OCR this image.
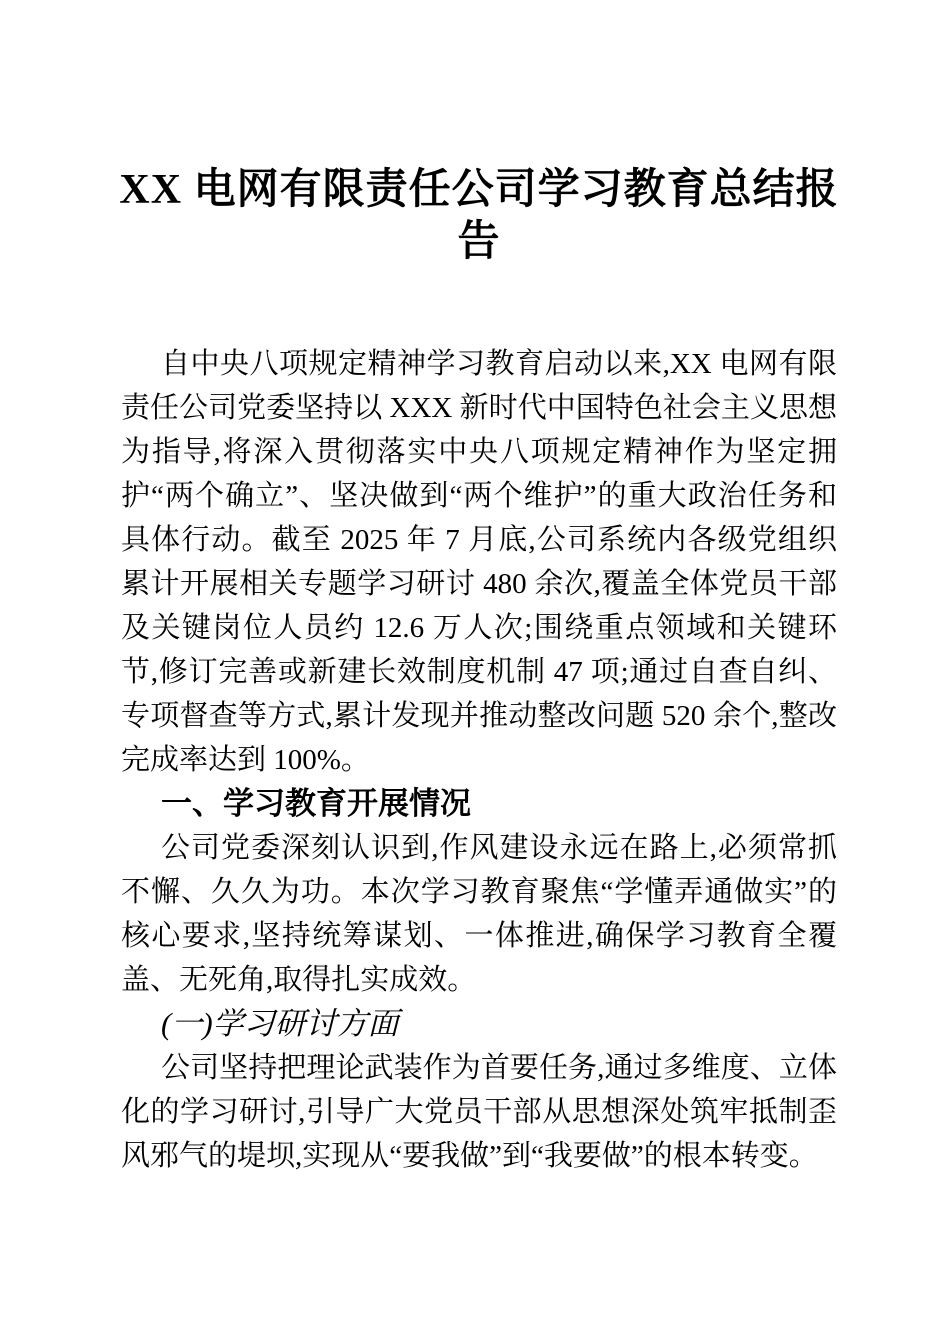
XX 电网有限责任公司学习教育总结报告

自中央八项规定精神学习教育启动以来,XX 电网有限责任公司党委坚持以 XXX 新时代中国特色社会主义思想为指导,将深入贯彻落实中央八项规定精神作为坚定拥护“两个确立”、坚决做到“两个维护”的重大政治任务和具体行动。截至 2025 年 7 月底,公司系统内各级党组织累计开展相关专题学习研讨 480 余次,覆盖全体党员干部及关键岗位人员约 12.6 万人次;围绕重点领域和关键环节,修订完善或新建长效制度机制 47 项;通过自查自纠、专项督查等方式,累计发现并推动整改问题 520 余个,整改完成率达到 100%。

一、学习教育开展情况

公司党委深刻认识到,作风建设永远在路上,必须常抓不懈、久久为功。本次学习教育聚焦“学懂弄通做实”的核心要求,坚持统筹谋划、一体推进,确保学习教育全覆盖、无死角,取得扎实成效。

(一)学习研讨方面

公司坚持把理论武装作为首要任务,通过多维度、立体化的学习研讨,引导广大党员干部从思想深处筑牢抵制歪风邪气的堤坝,实现从“要我做”到“我要做”的根本转变。
